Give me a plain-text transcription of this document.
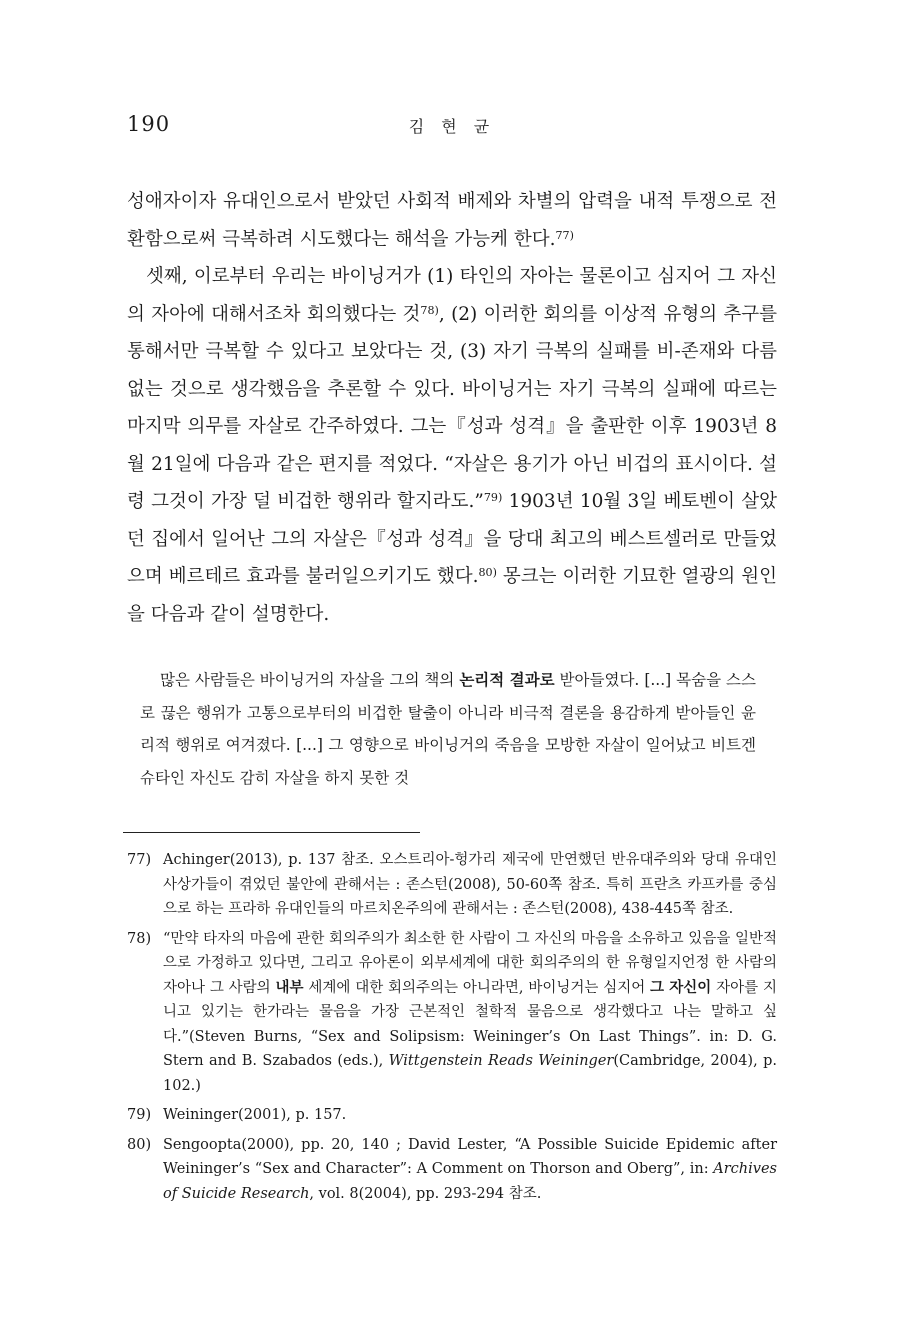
190	김 현 균

성애자이자 유대인으로서 받았던 사회적 배제와 차별의 압력을 내적 투쟁으로 전환함으로써 극복하려 시도했다는 해석을 가능케 한다.$^{77)}$

셋째, 이로부터 우리는 바이닝거가 (1) 타인의 자아는 물론이고 심지어 그 자신의 자아에 대해서조차 회의했다는 것$^{78)}$, (2) 이러한 회의를 이상적 유형의 추구를 통해서만 극복할 수 있다고 보았다는 것, (3) 자기 극복의 실패를 비-존재와 다름없는 것으로 생각했음을 추론할 수 있다. 바이닝거는 자기 극복의 실패에 따르는 마지막 의무를 자살로 간주하였다. 그는『성과 성격』을 출판한 이후 1903년 8월 21일에 다음과 같은 편지를 적었다. “자살은 용기가 아닌 비겁의 표시이다. 설령 그것이 가장 덜 비겁한 행위라 할지라도.”$^{79)}$ 1903년 10월 3일 베토벤이 살았던 집에서 일어난 그의 자살은『성과 성격』을 당대 최고의 베스트셀러로 만들었으며 베르테르 효과를 불러일으키기도 했다.$^{80)}$ 몽크는 이러한 기묘한 열광의 원인을 다음과 같이 설명한다.

많은 사람들은 바이닝거의 자살을 그의 책의 논리적 결과로 받아들였다. [...] 목숨을 스스로 끊은 행위가 고통으로부터의 비겁한 탈출이 아니라 비극적 결론을 용감하게 받아들인 윤리적 행위로 여겨졌다. [...] 그 영향으로 바이닝거의 죽음을 모방한 자살이 일어났고 비트겐슈타인 자신도 감히 자살을 하지 못한 것

77) Achinger(2013), p. 137 참조. 오스트리아-헝가리 제국에 만연했던 반유대주의와 당대 유대인 사상가들이 겪었던 불안에 관해서는 : 존스턴(2008), 50-60쪽 참조. 특히 프란츠 카프카를 중심으로 하는 프라하 유대인들의 마르치온주의에 관해서는 : 존스턴(2008), 438-445쪽 참조.
78) “만약 타자의 마음에 관한 회의주의가 최소한 한 사람이 그 자신의 마음을 소유하고 있음을 일반적으로 가정하고 있다면, 그리고 유아론이 외부세계에 대한 회의주의의 한 유형일지언정 한 사람의 자아나 그 사람의 내부 세계에 대한 회의주의는 아니라면, 바이닝거는 심지어 그 자신이 자아를 지니고 있기는 한가라는 물음을 가장 근본적인 철학적 물음으로 생각했다고 나는 말하고 싶다.”(Steven Burns, “Sex and Solipsism: Weininger’s On Last Things”. in: D. G. Stern and B. Szabados (eds.), Wittgenstein Reads Weininger(Cambridge, 2004), p. 102.)
79) Weininger(2001), p. 157.
80) Sengoopta(2000), pp. 20, 140 ; David Lester, “A Possible Suicide Epidemic after Weininger’s “Sex and Character”: A Comment on Thorson and Oberg”, in: Archives of Suicide Research, vol. 8(2004), pp. 293-294 참조.
